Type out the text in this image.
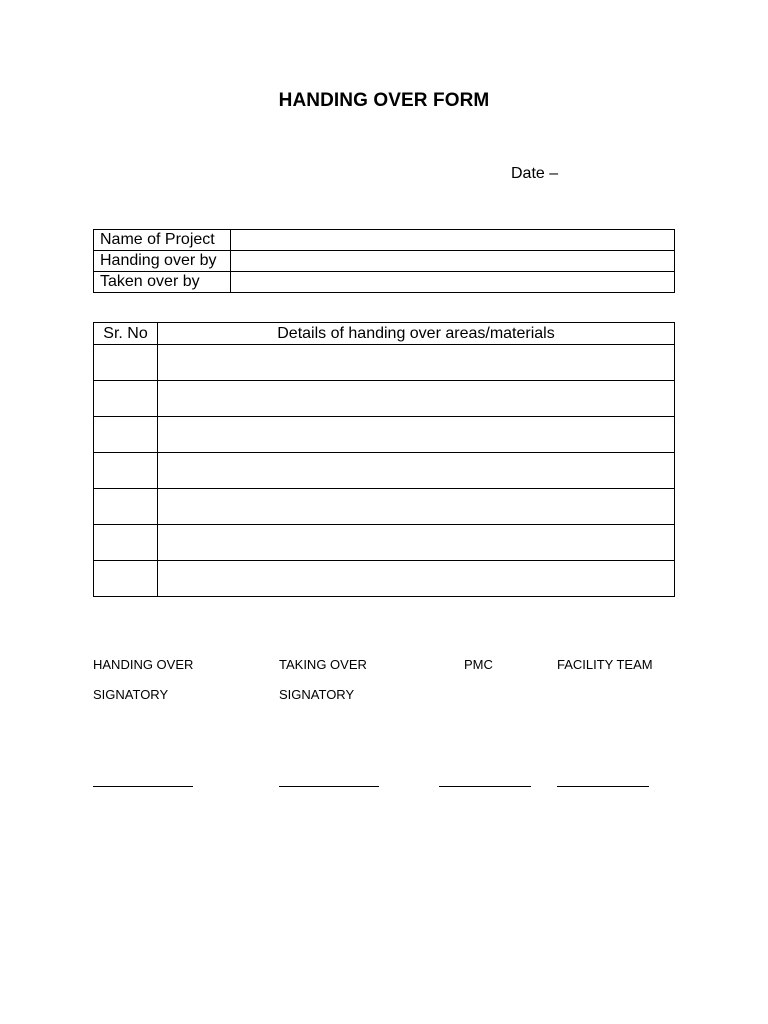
HANDING OVER FORM
Date –
Name of Project	
Handing over by	
Taken over by	
Sr. No	Details of handing over areas/materials

HANDING OVER
SIGNATORY
TAKING OVER
SIGNATORY
PMC	FACILITY TEAM
